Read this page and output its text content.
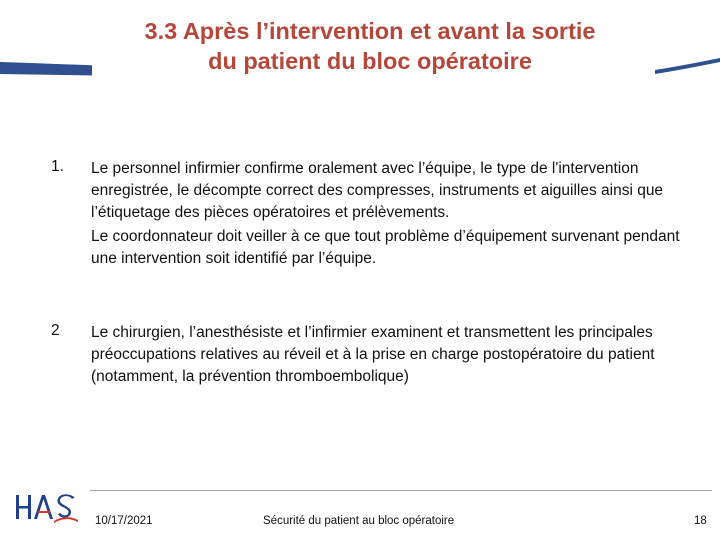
3.3 Après l’intervention et avant la sortie
du patient du bloc opératoire
1. Le personnel infirmier confirme oralement avec l’équipe, le type de l'intervention enregistrée, le décompte correct des compresses, instruments et aiguilles ainsi que l’étiquetage des pièces opératoires et prélèvements.

Le coordonnateur doit veiller à ce que tout problème d’équipement survenant pendant une intervention soit identifié par l’équipe.

2 Le chirurgien, l’anesthésiste et l’infirmier examinent et transmettent les principales préoccupations relatives au réveil et à la prise en charge postopératoire du patient (notamment, la prévention thromboembolique)

10/17/2021	Sécurité du patient au bloc opératoire	18
